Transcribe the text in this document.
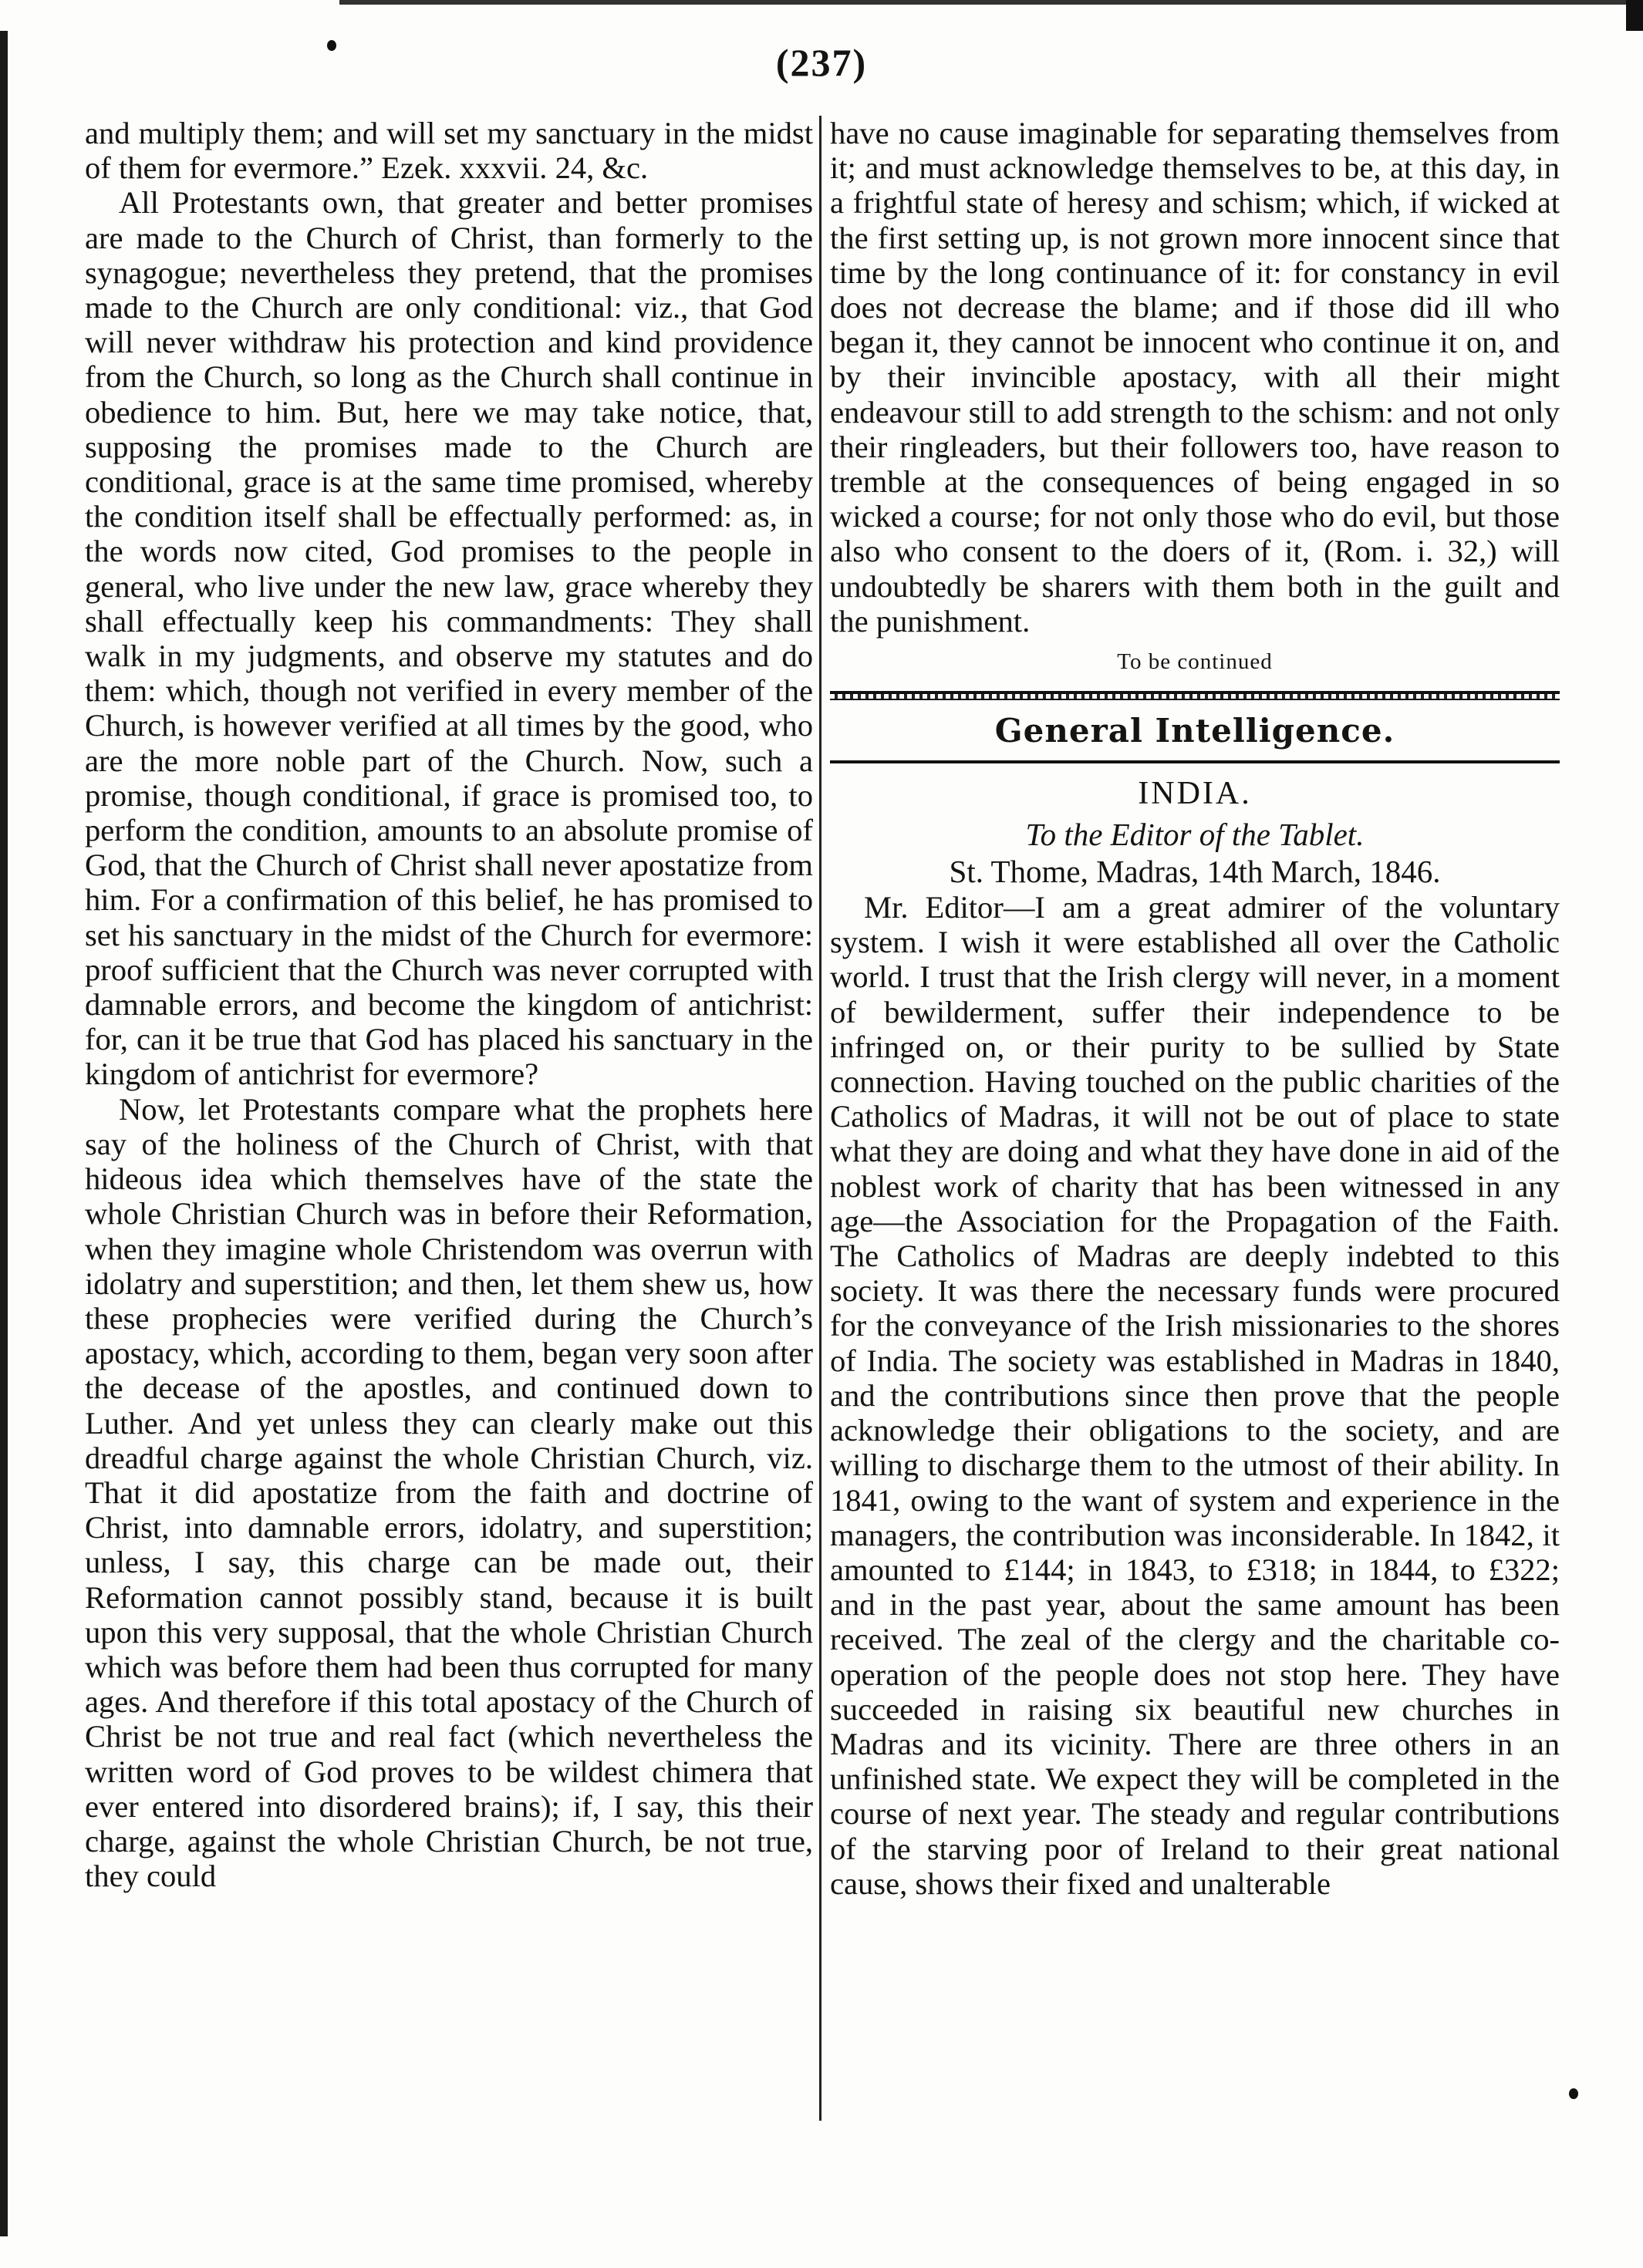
(237)

and multiply them; and will set my sanctuary in the midst of them for evermore.” Ezek. xxxvii. 24, &c.

All Protestants own, that greater and better promises are made to the Church of Christ, than formerly to the synagogue; nevertheless they pretend, that the promises made to the Church are only conditional: viz., that God will never withdraw his protection and kind providence from the Church, so long as the Church shall continue in obedience to him. But, here we may take notice, that, supposing the promises made to the Church are conditional, grace is at the same time promised, whereby the condition itself shall be effectually performed: as, in the words now cited, God promises to the people in general, who live under the new law, grace whereby they shall effectually keep his commandments: They shall walk in my judgments, and observe my statutes and do them: which, though not verified in every member of the Church, is however verified at all times by the good, who are the more noble part of the Church. Now, such a promise, though conditional, if grace is promised too, to perform the condition, amounts to an absolute promise of God, that the Church of Christ shall never apostatize from him. For a confirmation of this belief, he has promised to set his sanctuary in the midst of the Church for evermore: proof sufficient that the Church was never corrupted with damnable errors, and become the kingdom of antichrist: for, can it be true that God has placed his sanctuary in the kingdom of antichrist for evermore?

Now, let Protestants compare what the prophets here say of the holiness of the Church of Christ, with that hideous idea which themselves have of the state the whole Christian Church was in before their Reformation, when they imagine whole Christendom was overrun with idolatry and superstition; and then, let them shew us, how these prophecies were verified during the Church’s apostacy, which, according to them, began very soon after the decease of the apostles, and continued down to Luther. And yet unless they can clearly make out this dreadful charge against the whole Christian Church, viz. That it did apostatize from the faith and doctrine of Christ, into damnable errors, idolatry, and superstition; unless, I say, this charge can be made out, their Reformation cannot possibly stand, because it is built upon this very supposal, that the whole Christian Church which was before them had been thus corrupted for many ages. And therefore if this total apostacy of the Church of Christ be not true and real fact (which nevertheless the written word of God proves to be wildest chimera that ever entered into disordered brains); if, I say, this their charge, against the whole Christian Church, be not true, they could

have no cause imaginable for separating themselves from it; and must acknowledge themselves to be, at this day, in a frightful state of heresy and schism; which, if wicked at the first setting up, is not grown more innocent since that time by the long continuance of it: for constancy in evil does not decrease the blame; and if those did ill who began it, they cannot be innocent who continue it on, and by their invincible apostacy, with all their might endeavour still to add strength to the schism: and not only their ringleaders, but their followers too, have reason to tremble at the consequences of being engaged in so wicked a course; for not only those who do evil, but those also who consent to the doers of it, (Rom. i. 32,) will undoubtedly be sharers with them both in the guilt and the punishment.

To be continued
General Intelligence.
INDIA.
To the Editor of the Tablet.
St. Thome, Madras, 14th March, 1846.

Mr. Editor—I am a great admirer of the voluntary system. I wish it were established all over the Catholic world. I trust that the Irish clergy will never, in a moment of bewilderment, suffer their independence to be infringed on, or their purity to be sullied by State connection. Having touched on the public charities of the Catholics of Madras, it will not be out of place to state what they are doing and what they have done in aid of the noblest work of charity that has been witnessed in any age—the Association for the Propagation of the Faith. The Catholics of Madras are deeply indebted to this society. It was there the necessary funds were procured for the conveyance of the Irish missionaries to the shores of India. The society was established in Madras in 1840, and the contributions since then prove that the people acknowledge their obligations to the society, and are willing to discharge them to the utmost of their ability. In 1841, owing to the want of system and experience in the managers, the contribution was inconsiderable. In 1842, it amounted to £144; in 1843, to £318; in 1844, to £322; and in the past year, about the same amount has been received. The zeal of the clergy and the charitable co-operation of the people does not stop here. They have succeeded in raising six beautiful new churches in Madras and its vicinity. There are three others in an unfinished state. We expect they will be completed in the course of next year. The steady and regular contributions of the starving poor of Ireland to their great national cause, shows their fixed and unalterable
